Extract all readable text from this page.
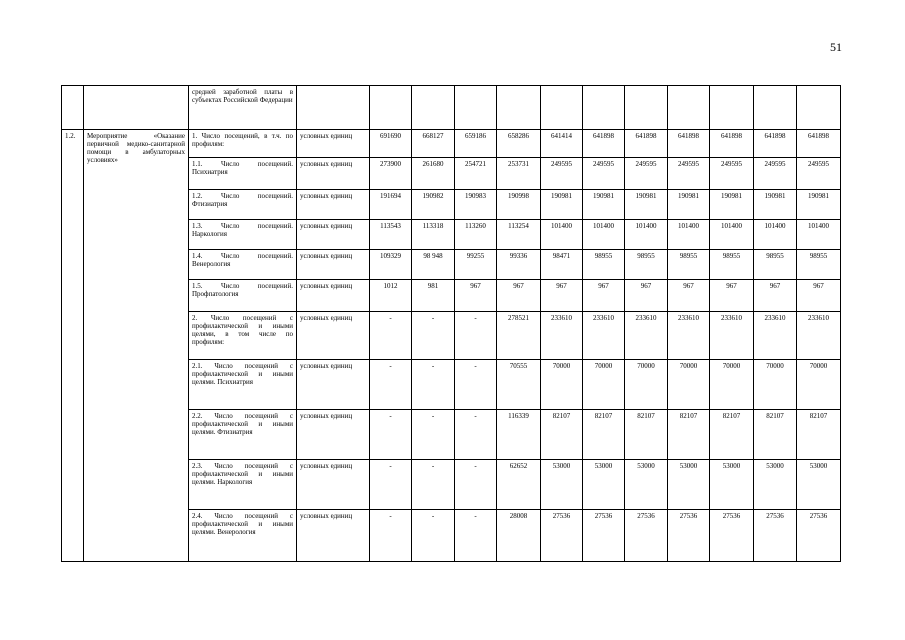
51
		средней заработной платы в субъектах Российской Федерации												
1.2.	Мероприятие «Оказание первичной медико-санитарной помощи в амбулаторных условиях»	1. Число посещений, в т.ч. по профилям:	условных единиц	691690	668127	659186	658286	641414	641898	641898	641898	641898	641898	641898
		1.1. Число посещений. Психиатрия	условных единиц	273900	261680	254721	253731	249595	249595	249595	249595	249595	249595	249595
		1.2. Число посещений. Фтизиатрия	условных единиц	191694	190982	190983	190998	190981	190981	190981	190981	190981	190981	190981
		1.3. Число посещений. Наркология	условных единиц	113543	113318	113260	113254	101400	101400	101400	101400	101400	101400	101400
		1.4. Число посещений. Венерология	условных единиц	109329	98 948	99255	99336	98471	98955	98955	98955	98955	98955	98955
		1.5. Число посещений. Профпатология	условных единиц	1012	981	967	967	967	967	967	967	967	967	967
		2. Число посещений с профилактической и иными целями, в том числе по профилям:	условных единиц	-	-	-	278521	233610	233610	233610	233610	233610	233610	233610
		2.1. Число посещений с профилактической и иными целями. Психиатрия	условных единиц	-	-	-	70555	70000	70000	70000	70000	70000	70000	70000
		2.2. Число посещений с профилактической и иными целями. Фтизиатрия	условных единиц	-	-	-	116339	82107	82107	82107	82107	82107	82107	82107
		2.3. Число посещений с профилактической и иными целями. Наркология	условных единиц	-	-	-	62652	53000	53000	53000	53000	53000	53000	53000
		2.4. Число посещений с профилактической и иными целями. Венерология	условных единиц	-	-	-	28008	27536	27536	27536	27536	27536	27536	27536
